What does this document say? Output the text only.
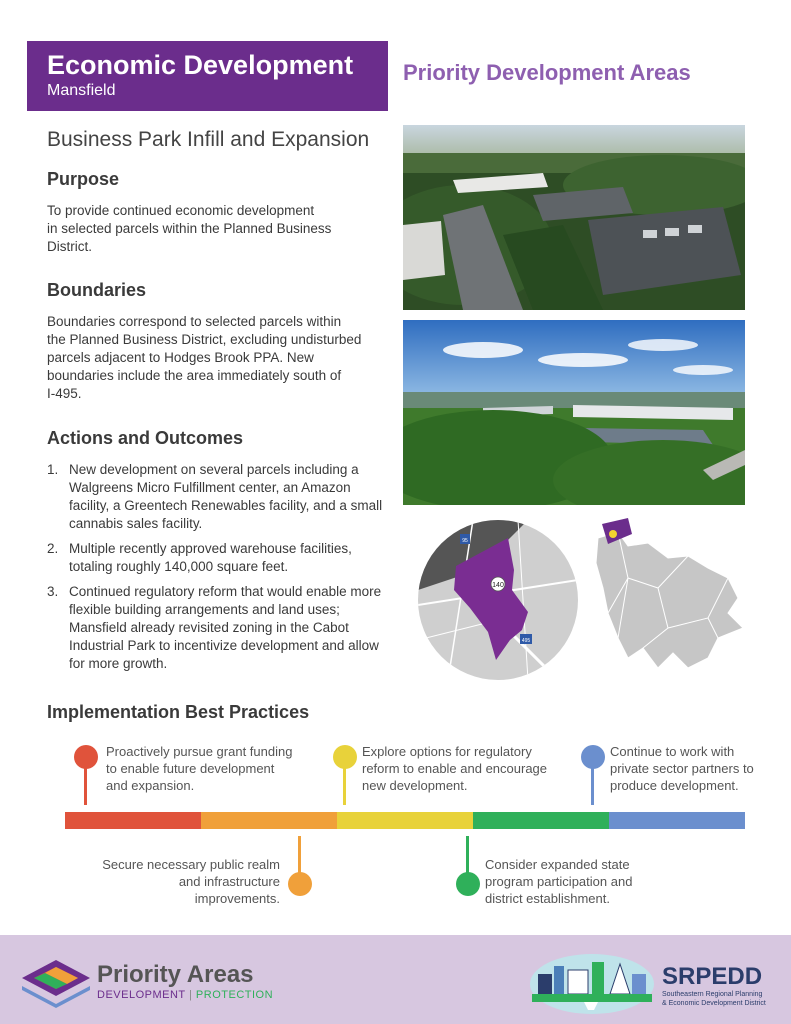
Economic Development
Mansfield
Priority Development Areas
Business Park Infill and Expansion
Purpose
To provide continued economic development
in selected parcels within the Planned Business
District.
Boundaries
Boundaries correspond to selected parcels within
the Planned Business District, excluding undisturbed
parcels adjacent to Hodges Brook PPA. New
boundaries include the area immediately south of
I-495.
Actions and Outcomes
1. New development on several parcels including a Walgreens Micro Fulfillment center, an Amazon facility, a Greentech Renewables facility, and a small cannabis sales facility.
2. Multiple recently approved warehouse facilities, totaling roughly 140,000 square feet.
3. Continued regulatory reform that would enable more flexible building arrangements and land uses; Mansfield already revisited zoning in the Cabot Industrial Park to incentivize development and allow for more growth.
140
95
495
Implementation Best Practices
Proactively pursue grant funding
to enable future development
and expansion.
Explore options for regulatory
reform to enable and encourage
new development.
Continue to work with
private sector partners to
produce development.
Secure necessary public realm
and infrastructure improvements.
Consider expanded state
program participation and
district establishment.
Priority Areas
DEVELOPMENT | PROTECTION
SRPEDD
Southeastern Regional Planning
& Economic Development District
